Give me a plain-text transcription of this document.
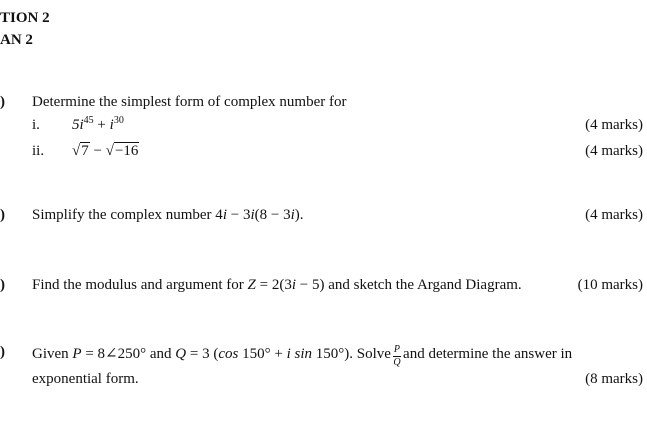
TION 2
AN 2
) Determine the simplest form of complex number for
i. $5i^{45} + i^{30}$	(4 marks)
ii. √7 − √−16	(4 marks)
) Simplify the complex number 4i − 3i(8 − 3i).	(4 marks)
) Find the modulus and argument for Z = 2(3i − 5) and sketch the Argand Diagram.	(10 marks)
) Given P = 8∠250° and Q = 3 (cos 150° + i sin 150°). Solve $\frac{P}{Q}$ and determine the answer in
exponential form.	(8 marks)
